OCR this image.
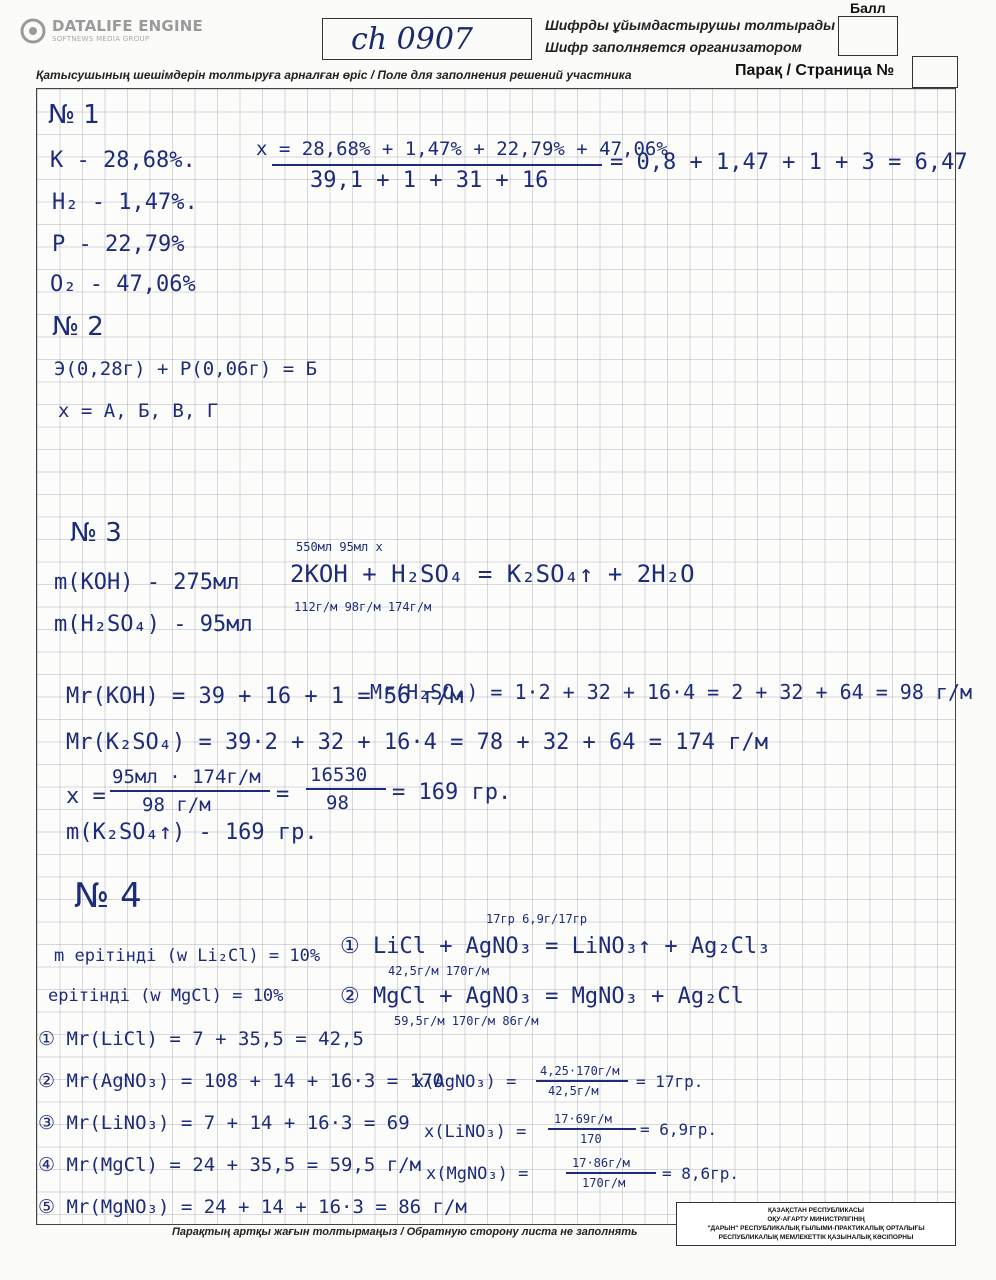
DATALIFE ENGINE
SOFTNEWS MEDIA GROUP	ch 0907	Шифрды ұйымдастырушы толтырады
Шифр заполняется организатором
Балл
Қатысушының шешімдерін толтыруға арналған өріс / Поле для заполнения решений участника	Парақ / Страница №
№ 1
K - 28,68%.
H₂ - 1,47%.
P - 22,79%
O₂ - 47,06%
x = 28,68% + 1,47% + 22,79% + 47,06%
39,1 + 1 + 31 + 16
= 0,8 + 1,47 + 1 + 3 = 6,47
№ 2
Э(0,28г) + Р(0,06г) = Б
x = А, Б, В, Г
№ 3
m(KOH) - 275мл
m(H₂SO₄) - 95мл
550мл 95мл x
2KOH + H₂SO₄ = K₂SO₄↑ + 2H₂O
112г/м 98г/м 174г/м
Mr(KOH) = 39 + 16 + 1 = 56 г/м
Mr(H₂SO₄) = 1·2 + 32 + 16·4 = 2 + 32 + 64 = 98 г/м
Mr(K₂SO₄) = 39·2 + 32 + 16·4 = 78 + 32 + 64 = 174 г/м
x =
95мл · 174г/м
98 г/м	=
16530
98 = 169 гр.
m(K₂SO₄↑) - 169 гр.
№ 4
m ерітінді (w Li₂Cl) = 10%
ерітінді (w MgCl) = 10%
17гр 6,9г/17гр
① LiCl + AgNO₃ = LiNO₃↑ + Ag₂Cl₃
42,5г/м 170г/м
② MgCl + AgNO₃ = MgNO₃ + Ag₂Cl
59,5г/м 170г/м 86г/м
① Mr(LiCl) = 7 + 35,5 = 42,5
② Mr(AgNO₃) = 108 + 14 + 16·3 = 170
③ Mr(LiNO₃) = 7 + 14 + 16·3 = 69
④ Mr(MgCl) = 24 + 35,5 = 59,5 г/м
⑤ Mr(MgNO₃) = 24 + 14 + 16·3 = 86 г/м
x(AgNO₃) =
4,25·170г/м
42,5г/м = 17гр.
x(LiNO₃) =
17·69г/м
170 = 6,9гр.
x(MgNO₃) =
17·86г/м
170г/м = 8,6гр.
Парақтың артқы жағын толтырмаңыз / Обратную сторону листа не заполнять
ҚАЗАҚСТАН РЕСПУБЛИКАСЫ
ОҚУ-АҒАРТУ МИНИСТРЛІГІНІҢ
"ДАРЫН" РЕСПУБЛИКАЛЫҚ ҒЫЛЫМИ-ПРАКТИКАЛЫҚ ОРТАЛЫҒЫ
РЕСПУБЛИКАЛЫҚ МЕМЛЕКЕТТІК ҚАЗЫНАЛЫҚ КӘСІПОРНЫ
